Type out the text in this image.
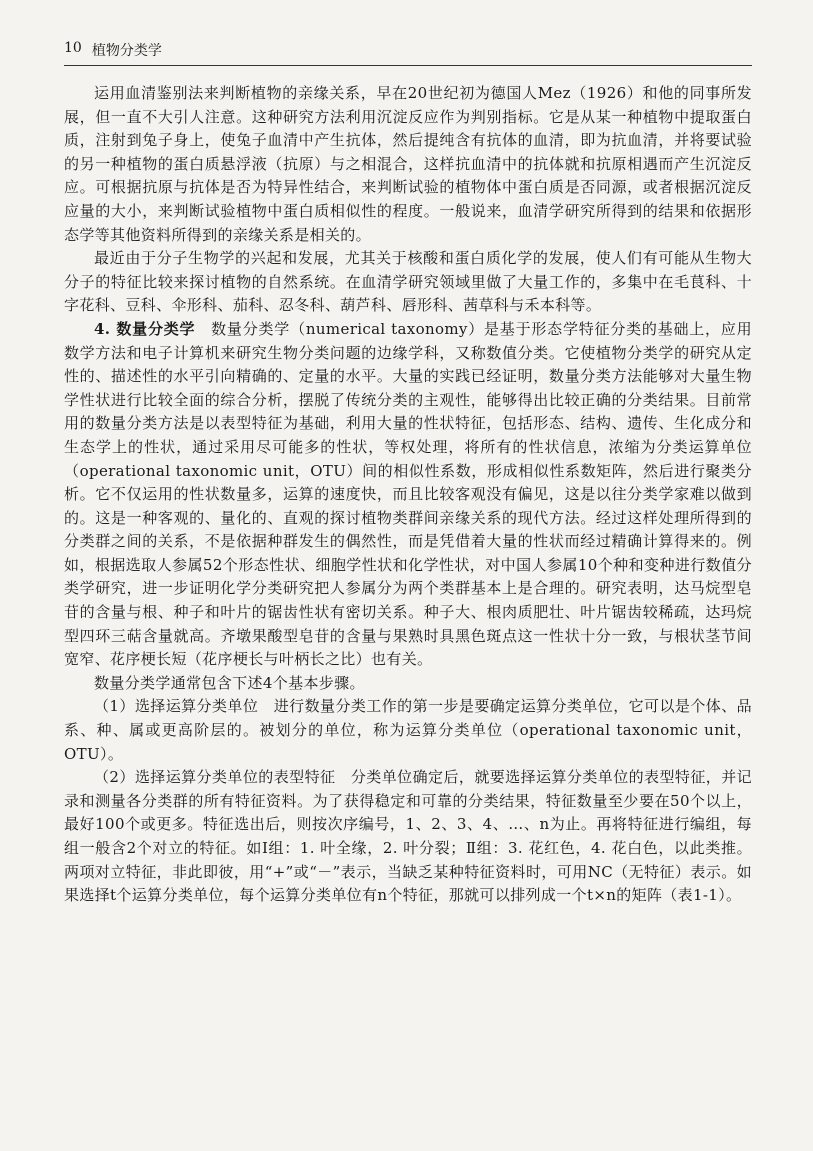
10 植物分类学

运用血清鉴别法来判断植物的亲缘关系，早在20世纪初为德国人Mez（1926）和他的同事所发展，但一直不大引人注意。这种研究方法利用沉淀反应作为判别指标。它是从某一种植物中提取蛋白质，注射到兔子身上，使兔子血清中产生抗体，然后提纯含有抗体的血清，即为抗血清，并将要试验的另一种植物的蛋白质悬浮液（抗原）与之相混合，这样抗血清中的抗体就和抗原相遇而产生沉淀反应。可根据抗原与抗体是否为特异性结合，来判断试验的植物体中蛋白质是否同源，或者根据沉淀反应量的大小，来判断试验植物中蛋白质相似性的程度。一般说来，血清学研究所得到的结果和依据形态学等其他资料所得到的亲缘关系是相关的。

最近由于分子生物学的兴起和发展，尤其关于核酸和蛋白质化学的发展，使人们有可能从生物大分子的特征比较来探讨植物的自然系统。在血清学研究领域里做了大量工作的，多集中在毛茛科、十字花科、豆科、伞形科、茄科、忍冬科、葫芦科、唇形科、茜草科与禾本科等。

4. 数量分类学　 数量分类学（numerical taxonomy）是基于形态学特征分类的基础上，应用数学方法和电子计算机来研究生物分类问题的边缘学科，又称数值分类。它使植物分类学的研究从定性的、描述性的水平引向精确的、定量的水平。大量的实践已经证明，数量分类方法能够对大量生物学性状进行比较全面的综合分析，摆脱了传统分类的主观性，能够得出比较正确的分类结果。目前常用的数量分类方法是以表型特征为基础，利用大量的性状特征，包括形态、结构、遗传、生化成分和生态学上的性状，通过采用尽可能多的性状，等权处理，将所有的性状信息，浓缩为分类运算单位（operational taxonomic unit，OTU）间的相似性系数，形成相似性系数矩阵，然后进行聚类分析。它不仅运用的性状数量多，运算的速度快，而且比较客观没有偏见，这是以往分类学家难以做到的。这是一种客观的、量化的、直观的探讨植物类群间亲缘关系的现代方法。经过这样处理所得到的分类群之间的关系，不是依据种群发生的偶然性，而是凭借着大量的性状而经过精确计算得来的。例如，根据选取人参属52个形态性状、细胞学性状和化学性状，对中国人参属10个种和变种进行数值分类学研究，进一步证明化学分类研究把人参属分为两个类群基本上是合理的。研究表明，达马烷型皂苷的含量与根、种子和叶片的锯齿性状有密切关系。种子大、根肉质肥壮、叶片锯齿较稀疏，达玛烷型四环三萜含量就高。齐墩果酸型皂苷的含量与果熟时具黑色斑点这一性状十分一致，与根状茎节间宽窄、花序梗长短（花序梗长与叶柄长之比）也有关。

数量分类学通常包含下述4个基本步骤。

（1）选择运算分类单位　 进行数量分类工作的第一步是要确定运算分类单位，它可以是个体、品系、种、属或更高阶层的。被划分的单位，称为运算分类单位（operational taxonomic unit，OTU）。

（2）选择运算分类单位的表型特征　 分类单位确定后，就要选择运算分类单位的表型特征，并记录和测量各分类群的所有特征资料。为了获得稳定和可靠的分类结果，特征数量至少要在50个以上，最好100个或更多。特征选出后，则按次序编号，1、2、3、4、…、n为止。再将特征进行编组，每组一般含2个对立的特征。如Ⅰ组：1. 叶全缘，2. 叶分裂；Ⅱ组：3. 花红色，4. 花白色，以此类推。两项对立特征，非此即彼，用“+”或“－”表示，当缺乏某种特征资料时，可用NC（无特征）表示。如果选择t个运算分类单位，每个运算分类单位有n个特征，那就可以排列成一个t×n的矩阵（表1-1）。
